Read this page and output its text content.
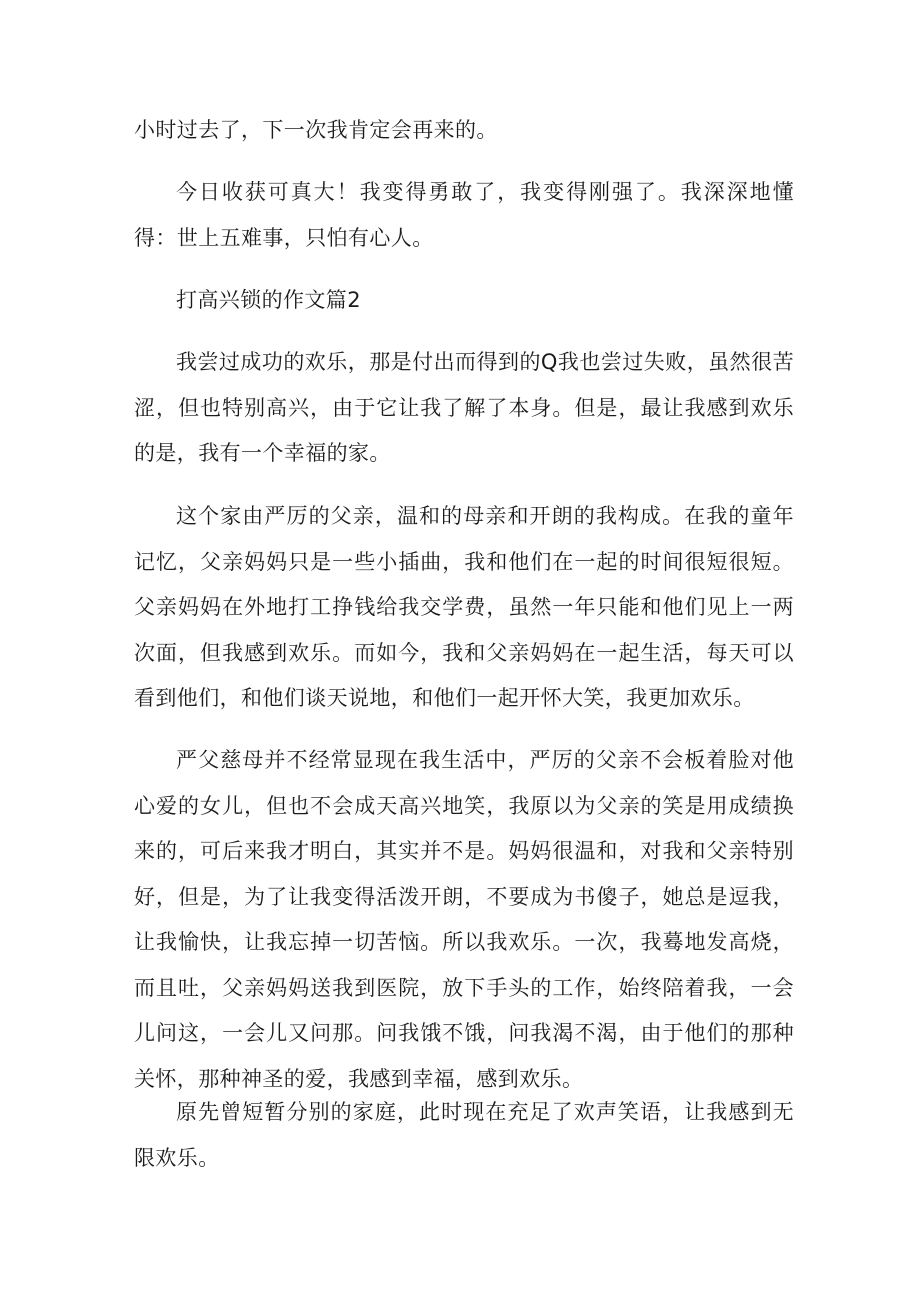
小时过去了，下一次我肯定会再来的。

今日收获可真大！我变得勇敢了，我变得刚强了。我深深地懂得：世上五难事，只怕有心人。

打高兴锁的作文篇2

我尝过成功的欢乐，那是付出而得到的Q我也尝过失败，虽然很苦涩，但也特别高兴，由于它让我了解了本身。但是，最让我感到欢乐的是，我有一个幸福的家。

这个家由严厉的父亲，温和的母亲和开朗的我构成。在我的童年记忆，父亲妈妈只是一些小插曲，我和他们在一起的时间很短很短。父亲妈妈在外地打工挣钱给我交学费，虽然一年只能和他们见上一两次面，但我感到欢乐。而如今，我和父亲妈妈在一起生活，每天可以看到他们，和他们谈天说地，和他们一起开怀大笑，我更加欢乐。

严父慈母并不经常显现在我生活中，严厉的父亲不会板着脸对他心爱的女儿，但也不会成天高兴地笑，我原以为父亲的笑是用成绩换来的，可后来我才明白，其实并不是。妈妈很温和，对我和父亲特别好，但是，为了让我变得活泼开朗，不要成为书傻子，她总是逗我，让我愉快，让我忘掉一切苦恼。所以我欢乐。一次，我蓦地发高烧，而且吐，父亲妈妈送我到医院，放下手头的工作，始终陪着我，一会儿问这，一会儿又问那。问我饿不饿，问我渴不渴，由于他们的那种关怀，那种神圣的爱，我感到幸福，感到欢乐。

原先曾短暂分别的家庭，此时现在充足了欢声笑语，让我感到无限欢乐。
